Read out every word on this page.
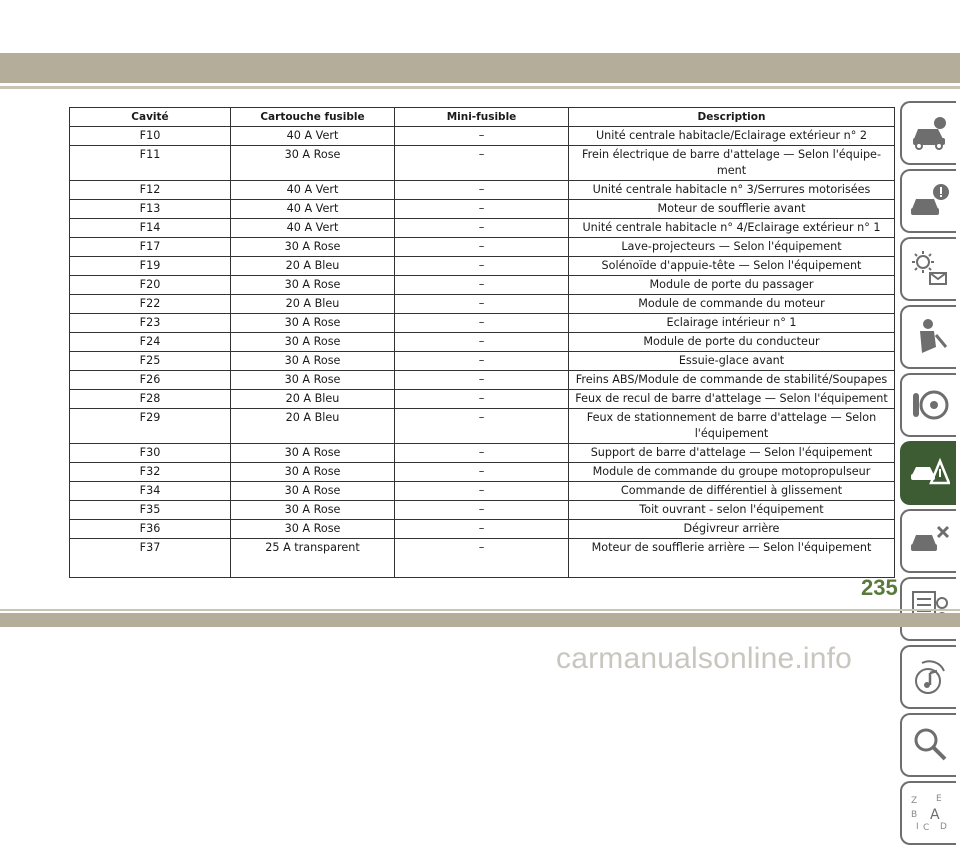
Cavité	Cartouche fusible	Mini-fusible	Description
F10	40 A Vert	–	Unité centrale habitacle/Eclairage extérieur n° 2
F11	30 A Rose	–	Frein électrique de barre d'attelage — Selon l'équipe-
ment
F12	40 A Vert	–	Unité centrale habitacle n° 3/Serrures motorisées
F13	40 A Vert	–	Moteur de soufflerie avant
F14	40 A Vert	–	Unité centrale habitacle n° 4/Eclairage extérieur n° 1
F17	30 A Rose	–	Lave-projecteurs — Selon l'équipement
F19	20 A Bleu	–	Solénoïde d'appuie-tête — Selon l'équipement
F20	30 A Rose	–	Module de porte du passager
F22	20 A Bleu	–	Module de commande du moteur
F23	30 A Rose	–	Eclairage intérieur n° 1
F24	30 A Rose	–	Module de porte du conducteur
F25	30 A Rose	–	Essuie-glace avant
F26	30 A Rose	–	Freins ABS/Module de commande de stabilité/Soupapes
F28	20 A Bleu	–	Feux de recul de barre d'attelage — Selon l'équipement
F29	20 A Bleu	–	Feux de stationnement de barre d'attelage — Selon
l'équipement
F30	30 A Rose	–	Support de barre d'attelage — Selon l'équipement
F32	30 A Rose	–	Module de commande du groupe motopropulseur
F34	30 A Rose	–	Commande de différentiel à glissement
F35	30 A Rose	–	Toit ouvrant - selon l'équipement
F36	30 A Rose	–	Dégivreur arrière
F37	25 A transparent	–	Moteur de soufflerie arrière — Selon l'équipement
Z E
B A
I C D
235
carmanualsonline.info
